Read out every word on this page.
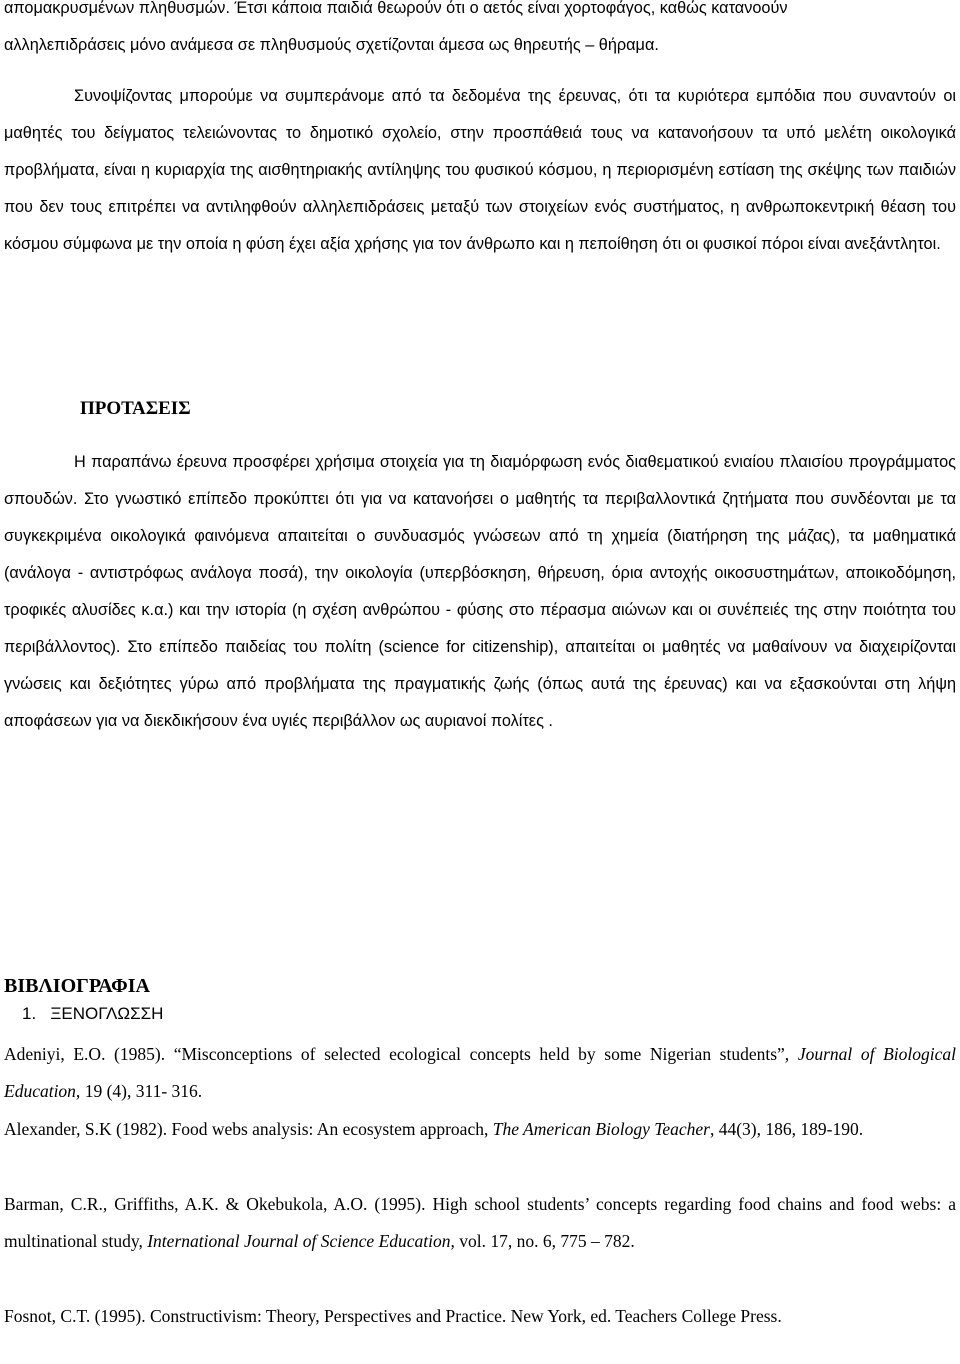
απομακρυσμένων πληθυσμών. Έτσι κάποια παιδιά θεωρούν ότι ο αετός είναι χορτοφάγος, καθώς κατανοούν
αλληλεπιδράσεις μόνο ανάμεσα σε πληθυσμούς σχετίζονται άμεσα ως θηρευτής – θήραμα.

Συνοψίζοντας μπορούμε να συμπεράνομε από τα δεδομένα της έρευνας, ότι τα κυριότερα εμπόδια που συναντούν οι μαθητές του δείγματος τελειώνοντας το δημοτικό σχολείο, στην προσπάθειά τους να κατανοήσουν τα υπό μελέτη οικολογικά προβλήματα, είναι η κυριαρχία της αισθητηριακής αντίληψης του φυσικού κόσμου, η περιορισμένη εστίαση της σκέψης των παιδιών που δεν τους επιτρέπει να αντιληφθούν αλληλεπιδράσεις μεταξύ των στοιχείων ενός συστήματος, η ανθρωποκεντρική θέαση του κόσμου σύμφωνα με την οποία η φύση έχει αξία χρήσης για τον άνθρωπο και η πεποίθηση ότι οι φυσικοί πόροι είναι ανεξάντλητοι.

ΠΡΟΤΑΣΕΙΣ

Η παραπάνω έρευνα προσφέρει χρήσιμα στοιχεία για τη διαμόρφωση ενός διαθεματικού ενιαίου πλαισίου προγράμματος σπουδών. Στο γνωστικό επίπεδο προκύπτει ότι για να κατανοήσει ο μαθητής τα περιβαλλοντικά ζητήματα που συνδέονται με τα συγκεκριμένα οικολογικά φαινόμενα απαιτείται ο συνδυασμός γνώσεων από τη χημεία (διατήρηση της μάζας), τα μαθηματικά (ανάλογα - αντιστρόφως ανάλογα ποσά), την οικολογία (υπερβόσκηση, θήρευση, όρια αντοχής οικοσυστημάτων, αποικοδόμηση, τροφικές αλυσίδες κ.α.) και την ιστορία (η σχέση ανθρώπου - φύσης στο πέρασμα αιώνων και οι συνέπειές της στην ποιότητα του περιβάλλοντος). Στο επίπεδο παιδείας του πολίτη (science for citizenship), απαιτείται οι μαθητές να μαθαίνουν να διαχειρίζονται γνώσεις και δεξιότητες γύρω από προβλήματα της πραγματικής ζωής (όπως αυτά της έρευνας) και να εξασκούνται στη λήψη αποφάσεων για να διεκδικήσουν ένα υγιές περιβάλλον ως αυριανοί πολίτες .

ΒΙΒΛΙΟΓΡΑΦΙΑ
1.   ΞΕΝΟΓΛΩΣΣΗ

Adeniyi, E.O. (1985). “Misconceptions of selected ecological concepts held by some Nigerian students”, Journal of Biological Education, 19 (4), 311- 316.

Alexander, S.K (1982). Food webs analysis: An ecosystem approach, The American Biology Teacher, 44(3), 186, 189-190.

Barman, C.R., Griffiths, A.K. & Okebukola, A.O. (1995). High school students’ concepts regarding food chains and food webs: a multinational study, International Journal of Science Education, vol. 17, no. 6, 775 – 782.

Fosnot, C.T. (1995). Constructivism: Theory, Perspectives and Practice. New York, ed. Teachers College Press.
